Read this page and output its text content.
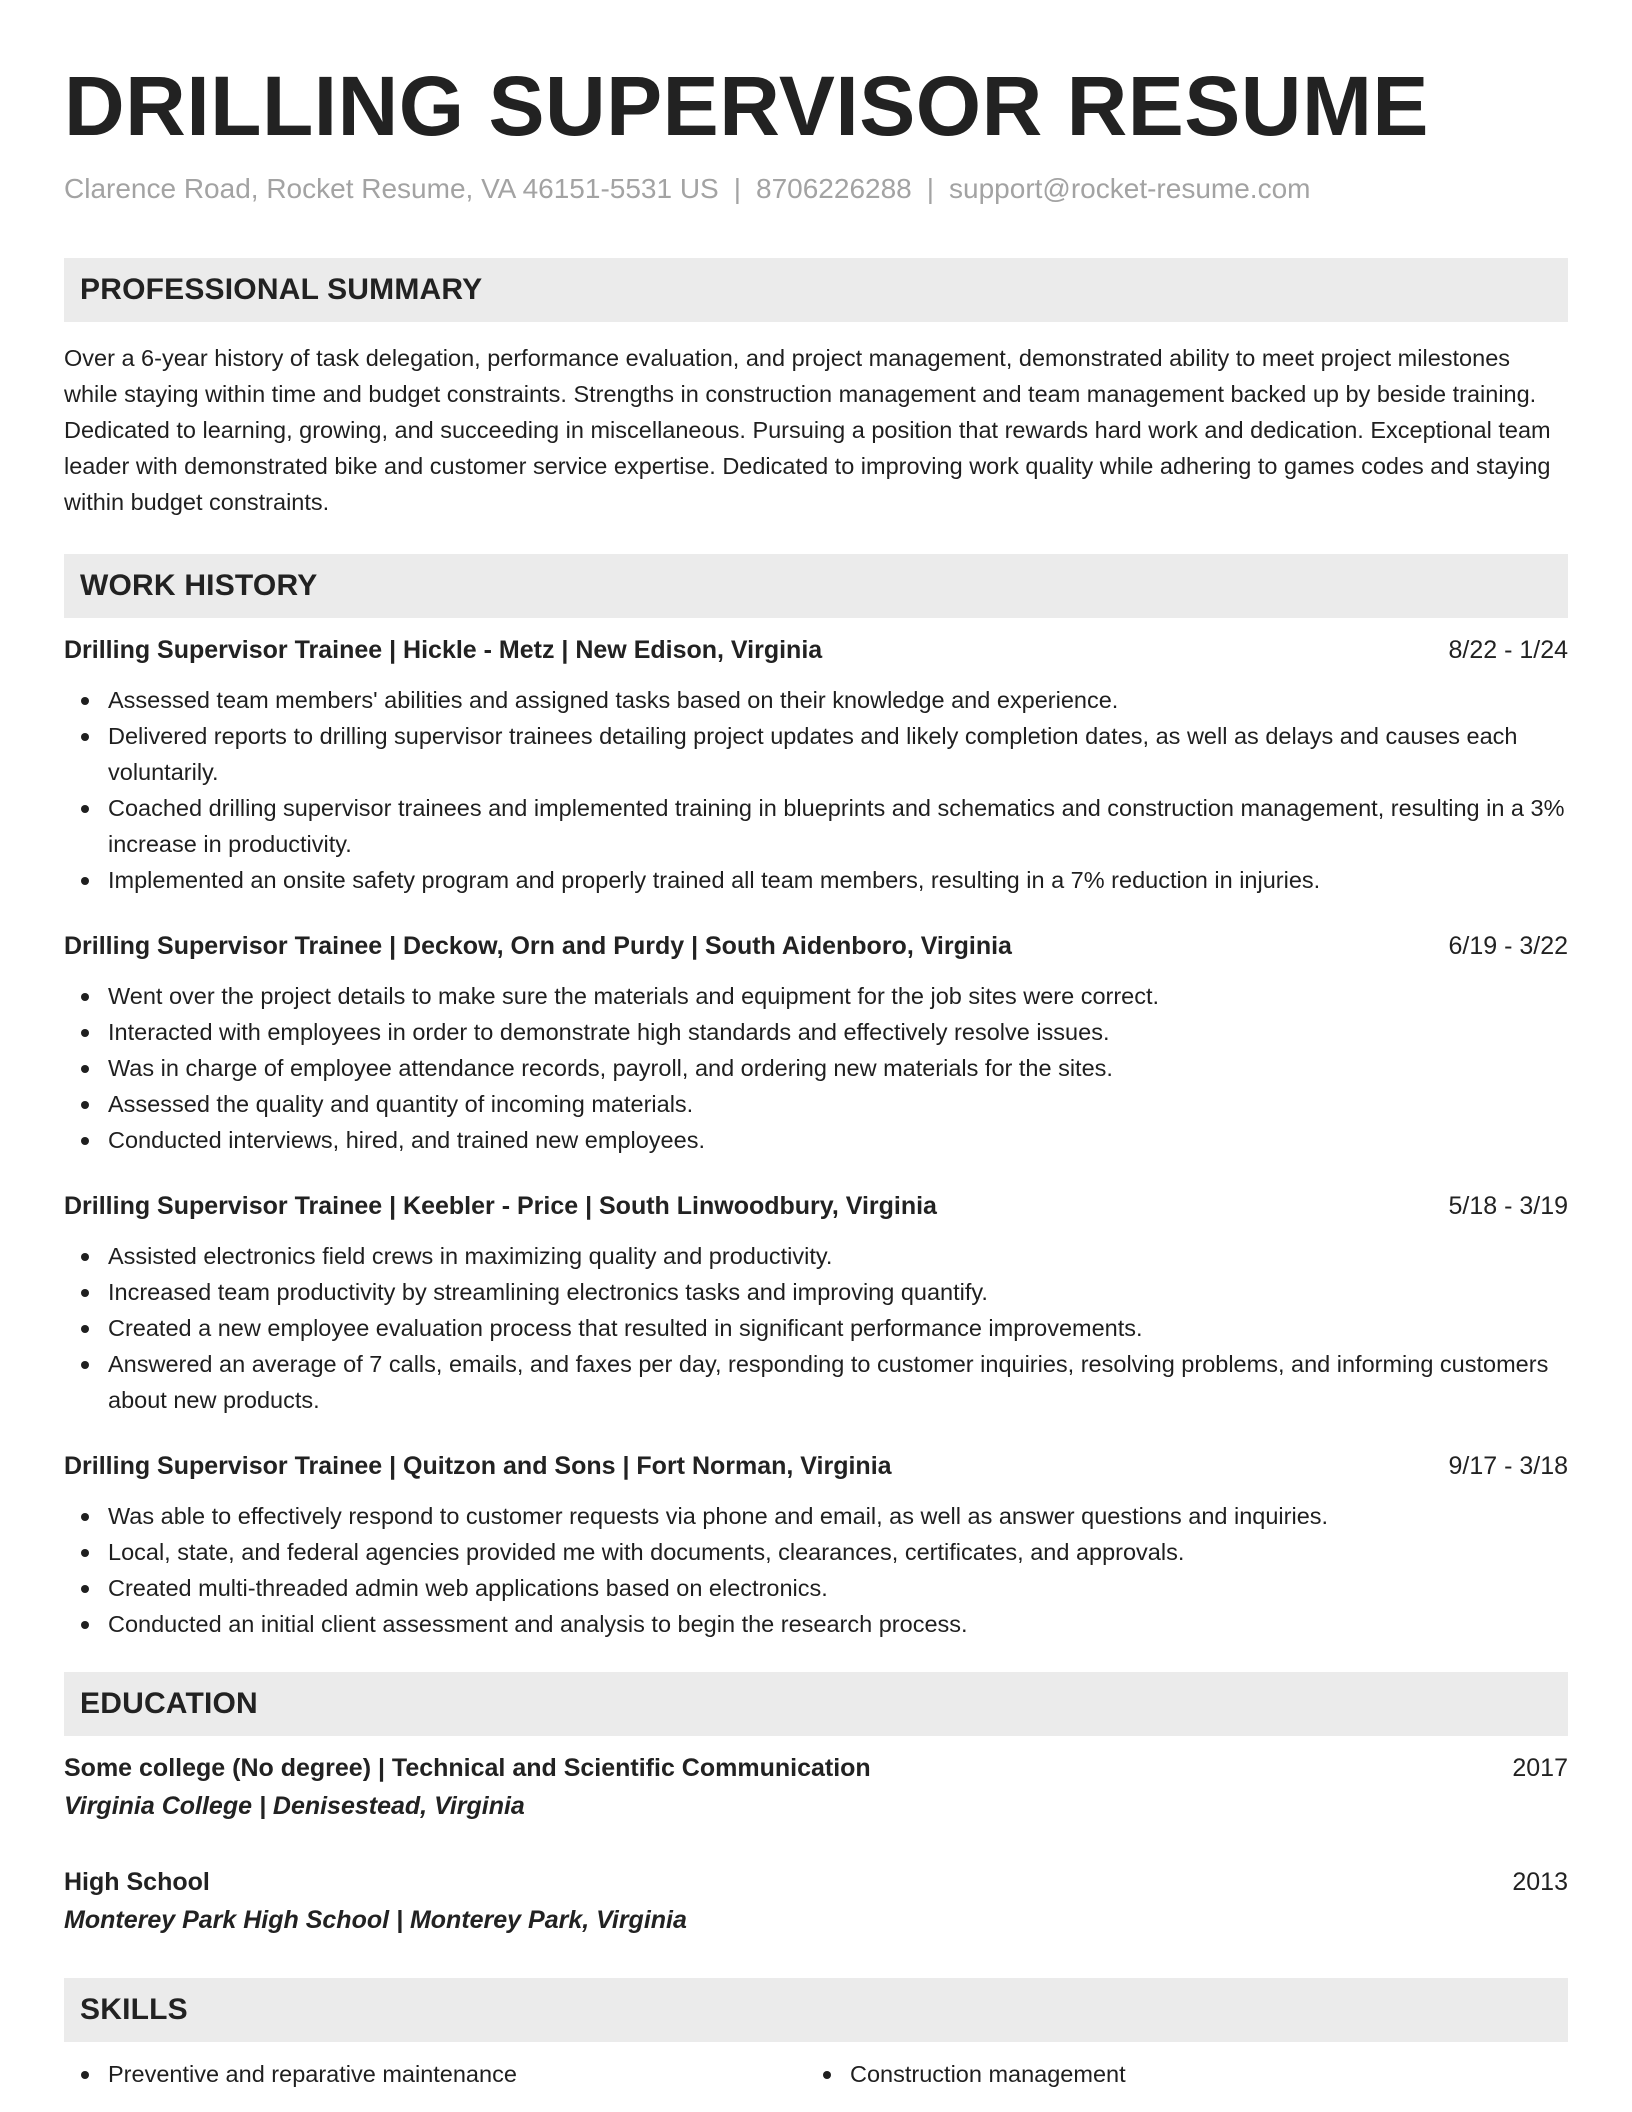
DRILLING SUPERVISOR RESUME
Clarence Road, Rocket Resume, VA 46151-5531 US | 8706226288 | support@rocket-resume.com
PROFESSIONAL SUMMARY

Over a 6-year history of task delegation, performance evaluation, and project management, demonstrated ability to meet project milestones while staying within time and budget constraints. Strengths in construction management and team management backed up by beside training. Dedicated to learning, growing, and succeeding in miscellaneous. Pursuing a position that rewards hard work and dedication. Exceptional team leader with demonstrated bike and customer service expertise. Dedicated to improving work quality while adhering to games codes and staying within budget constraints.

WORK HISTORY
Drilling Supervisor Trainee | Hickle - Metz | New Edison, Virginia	8/22 - 1/24
Assessed team members' abilities and assigned tasks based on their knowledge and experience.
Delivered reports to drilling supervisor trainees detailing project updates and likely completion dates, as well as delays and causes each voluntarily.
Coached drilling supervisor trainees and implemented training in blueprints and schematics and construction management, resulting in a 3% increase in productivity.
Implemented an onsite safety program and properly trained all team members, resulting in a 7% reduction in injuries.
Drilling Supervisor Trainee | Deckow, Orn and Purdy | South Aidenboro, Virginia	6/19 - 3/22
Went over the project details to make sure the materials and equipment for the job sites were correct.
Interacted with employees in order to demonstrate high standards and effectively resolve issues.
Was in charge of employee attendance records, payroll, and ordering new materials for the sites.
Assessed the quality and quantity of incoming materials.
Conducted interviews, hired, and trained new employees.
Drilling Supervisor Trainee | Keebler - Price | South Linwoodbury, Virginia	5/18 - 3/19
Assisted electronics field crews in maximizing quality and productivity.
Increased team productivity by streamlining electronics tasks and improving quantify.
Created a new employee evaluation process that resulted in significant performance improvements.
Answered an average of 7 calls, emails, and faxes per day, responding to customer inquiries, resolving problems, and informing customers about new products.
Drilling Supervisor Trainee | Quitzon and Sons | Fort Norman, Virginia	9/17 - 3/18
Was able to effectively respond to customer requests via phone and email, as well as answer questions and inquiries.
Local, state, and federal agencies provided me with documents, clearances, certificates, and approvals.
Created multi-threaded admin web applications based on electronics.
Conducted an initial client assessment and analysis to begin the research process.
EDUCATION
Some college (No degree) | Technical and Scientific Communication	2017
Virginia College | Denisestead, Virginia
High School	2013
Monterey Park High School | Monterey Park, Virginia
SKILLS
Preventive and reparative maintenance	Construction management
